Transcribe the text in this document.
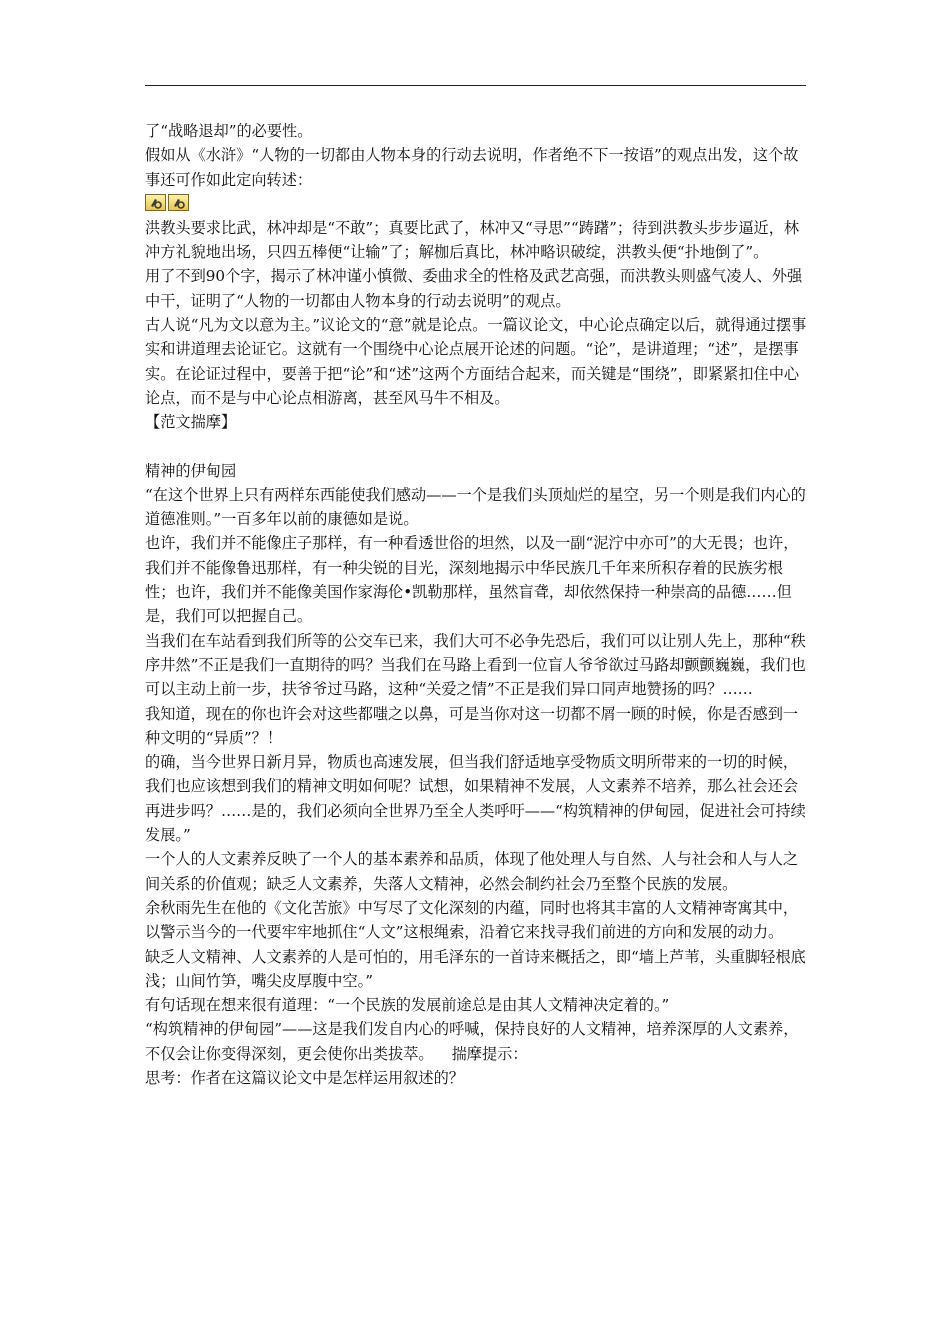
了“战略退却”的必要性。

假如从《水浒》“人物的一切都由人物本身的行动去说明，作者绝不下一按语”的观点出发，这个故事还可作如此定向转述：

洪教头要求比武，林冲却是“不敢”；真要比武了，林冲又“寻思”“踌躇”；待到洪教头步步逼近，林冲方礼貌地出场，只四五棒便“让输”了；解枷后真比，林冲略识破绽，洪教头便“扑地倒了”。

用了不到90个字，揭示了林冲谨小慎微、委曲求全的性格及武艺高强，而洪教头则盛气凌人、外强中干，证明了“人物的一切都由人物本身的行动去说明”的观点。

古人说“凡为文以意为主。”议论文的“意”就是论点。一篇议论文，中心论点确定以后，就得通过摆事实和讲道理去论证它。这就有一个围绕中心论点展开论述的问题。“论”，是讲道理；“述”，是摆事实。在论证过程中，要善于把“论”和“述”这两个方面结合起来，而关键是“围绕”，即紧紧扣住中心论点，而不是与中心论点相游离，甚至风马牛不相及。

【范文揣摩】

精神的伊甸园

“在这个世界上只有两样东西能使我们感动——一个是我们头顶灿烂的星空，另一个则是我们内心的道德准则。”一百多年以前的康德如是说。

也许，我们并不能像庄子那样，有一种看透世俗的坦然，以及一副“泥泞中亦可”的大无畏；也许，我们并不能像鲁迅那样，有一种尖锐的目光，深刻地揭示中华民族几千年来所积存着的民族劣根性；也许，我们并不能像美国作家海伦•凯勒那样，虽然盲聋，却依然保持一种崇高的品德……但是，我们可以把握自己。

当我们在车站看到我们所等的公交车已来，我们大可不必争先恐后，我们可以让别人先上，那种“秩序井然”不正是我们一直期待的吗？当我们在马路上看到一位盲人爷爷欲过马路却颤颤巍巍，我们也可以主动上前一步，扶爷爷过马路，这种“关爱之情”不正是我们异口同声地赞扬的吗？……

我知道，现在的你也许会对这些都嗤之以鼻，可是当你对这一切都不屑一顾的时候，你是否感到一种文明的“异质”？！

的确，当今世界日新月异，物质也高速发展，但当我们舒适地享受物质文明所带来的一切的时候，我们也应该想到我们的精神文明如何呢？试想，如果精神不发展，人文素养不培养，那么社会还会再进步吗？……是的，我们必须向全世界乃至全人类呼吁——“构筑精神的伊甸园，促进社会可持续发展。”

一个人的人文素养反映了一个人的基本素养和品质，体现了他处理人与自然、人与社会和人与人之间关系的价值观；缺乏人文素养，失落人文精神，必然会制约社会乃至整个民族的发展。

余秋雨先生在他的《文化苦旅》中写尽了文化深刻的内蕴，同时也将其丰富的人文精神寄寓其中，以警示当今的一代要牢牢地抓住“人文”这根绳索，沿着它来找寻我们前进的方向和发展的动力。

缺乏人文精神、人文素养的人是可怕的，用毛泽东的一首诗来概括之，即“墙上芦苇，头重脚轻根底浅；山间竹笋，嘴尖皮厚腹中空。”

有句话现在想来很有道理：“一个民族的发展前途总是由其人文精神决定着的。”

“构筑精神的伊甸园”——这是我们发自内心的呼喊，保持良好的人文精神，培养深厚的人文素养，不仅会让你变得深刻，更会使你出类拔萃。 揣摩提示：

思考：作者在这篇议论文中是怎样运用叙述的？
